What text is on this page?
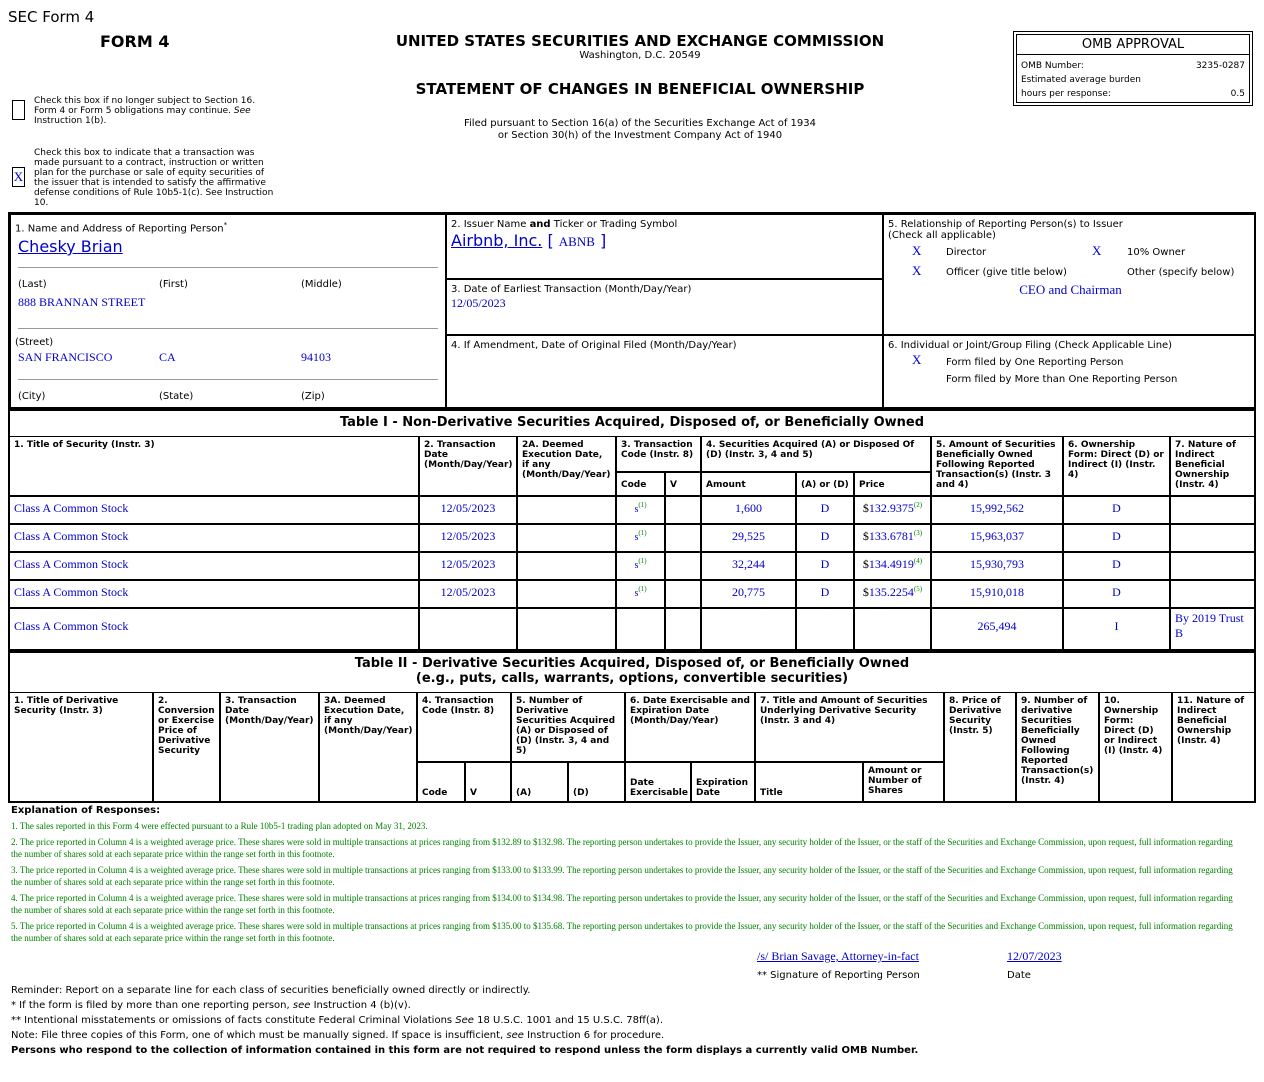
SEC Form 4
FORM 4	UNITED STATES SECURITIES AND EXCHANGE COMMISSION
Washington, D.C. 20549
STATEMENT OF CHANGES IN BENEFICIAL OWNERSHIP
Filed pursuant to Section 16(a) of the Securities Exchange Act of 1934
or Section 30(h) of the Investment Company Act of 1940
OMB APPROVAL
OMB Number:	3235-0287
Estimated average burden
hours per response:	0.5
Check this box if no longer subject to Section 16. Form 4 or Form 5 obligations may continue. See Instruction 1(b).
X
Check this box to indicate that a transaction was made pursuant to a contract, instruction or written plan for the purchase or sale of equity securities of the issuer that is intended to satisfy the affirmative defense conditions of Rule 10b5-1(c). See Instruction 10.
1. Name and Address of Reporting Person*
Chesky Brian
(Last)	(First)	(Middle)
888 BRANNAN STREET
(Street)
SAN FRANCISCO	CA	94103
(City)	(State)	(Zip)
2. Issuer Name and Ticker or Trading Symbol
Airbnb, Inc. [ ABNB ]
3. Date of Earliest Transaction (Month/Day/Year)
12/05/2023
4. If Amendment, Date of Original Filed (Month/Day/Year)
5. Relationship of Reporting Person(s) to Issuer
(Check all applicable)
X Director	X	10% Owner
X Officer (give title below)	Other (specify below)
CEO and Chairman
6. Individual or Joint/Group Filing (Check Applicable Line)
X Form filed by One Reporting Person
Form filed by More than One Reporting Person
Table I - Non-Derivative Securities Acquired, Disposed of, or Beneficially Owned
1. Title of Security (Instr. 3)	2. Transaction Date (Month/Day/Year)
2A. Deemed Execution Date, if any (Month/Day/Year)
3. Transaction Code (Instr. 8)
4. Securities Acquired (A) or Disposed Of (D) (Instr. 3, 4 and 5)
5. Amount of Securities Beneficially Owned Following Reported Transaction(s) (Instr. 3 and 4)
6. Ownership Form: Direct (D) or Indirect (I) (Instr. 4)
7. Nature of Indirect Beneficial Ownership (Instr. 4)
Code	V	Amount	(A) or (D)	Price
Class A Common Stock	12/05/2023	s$^{(1)}$	1,600	D	$132.9375$^{(2)}$	15,992,562	D
Class A Common Stock	12/05/2023	s$^{(1)}$	29,525	D	$133.6781$^{(3)}$	15,963,037	D
Class A Common Stock	12/05/2023	s$^{(1)}$	32,244	D	$134.4919$^{(4)}$	15,930,793	D
Class A Common Stock	12/05/2023	s$^{(1)}$	20,775	D	$135.2254$^{(5)}$	15,910,018	D
Class A Common Stock	265,494	I
By 2019 Trust B
Table II - Derivative Securities Acquired, Disposed of, or Beneficially Owned
(e.g., puts, calls, warrants, options, convertible securities)
1. Title of Derivative Security (Instr. 3)
2. Conversion or Exercise Price of Derivative Security
3. Transaction Date (Month/Day/Year)
3A. Deemed Execution Date, if any (Month/Day/Year)
4. Transaction Code (Instr. 8)
5. Number of Derivative Securities Acquired (A) or Disposed of (D) (Instr. 3, 4 and 5)
6. Date Exercisable and Expiration Date (Month/Day/Year)
7. Title and Amount of Securities Underlying Derivative Security (Instr. 3 and 4)
8. Price of Derivative Security (Instr. 5)
9. Number of derivative Securities Beneficially Owned Following Reported Transaction(s) (Instr. 4)
10. Ownership Form: Direct (D) or Indirect (I) (Instr. 4)
11. Nature of Indirect Beneficial Ownership (Instr. 4)
Code	V	(A)	(D)
Date Exercisable
Expiration Date	Title
Amount or Number of Shares
Explanation of Responses:
1. The sales reported in this Form 4 were effected pursuant to a Rule 10b5-1 trading plan adopted on May 31, 2023.
2. The price reported in Column 4 is a weighted average price. These shares were sold in multiple transactions at prices ranging from $132.89 to $132.98. The reporting person undertakes to provide the Issuer, any security holder of the Issuer, or the staff of the Securities and Exchange Commission, upon request, full information regarding the number of shares sold at each separate price within the range set forth in this footnote.
3. The price reported in Column 4 is a weighted average price. These shares were sold in multiple transactions at prices ranging from $133.00 to $133.99. The reporting person undertakes to provide the Issuer, any security holder of the Issuer, or the staff of the Securities and Exchange Commission, upon request, full information regarding the number of shares sold at each separate price within the range set forth in this footnote.
4. The price reported in Column 4 is a weighted average price. These shares were sold in multiple transactions at prices ranging from $134.00 to $134.98. The reporting person undertakes to provide the Issuer, any security holder of the Issuer, or the staff of the Securities and Exchange Commission, upon request, full information regarding the number of shares sold at each separate price within the range set forth in this footnote.
5. The price reported in Column 4 is a weighted average price. These shares were sold in multiple transactions at prices ranging from $135.00 to $135.68. The reporting person undertakes to provide the Issuer, any security holder of the Issuer, or the staff of the Securities and Exchange Commission, upon request, full information regarding the number of shares sold at each separate price within the range set forth in this footnote.
/s/ Brian Savage, Attorney-in-fact	12/07/2023
** Signature of Reporting Person	Date
Reminder: Report on a separate line for each class of securities beneficially owned directly or indirectly.
* If the form is filed by more than one reporting person, see Instruction 4 (b)(v).
** Intentional misstatements or omissions of facts constitute Federal Criminal Violations See 18 U.S.C. 1001 and 15 U.S.C. 78ff(a).
Note: File three copies of this Form, one of which must be manually signed. If space is insufficient, see Instruction 6 for procedure.
Persons who respond to the collection of information contained in this form are not required to respond unless the form displays a currently valid OMB Number.
